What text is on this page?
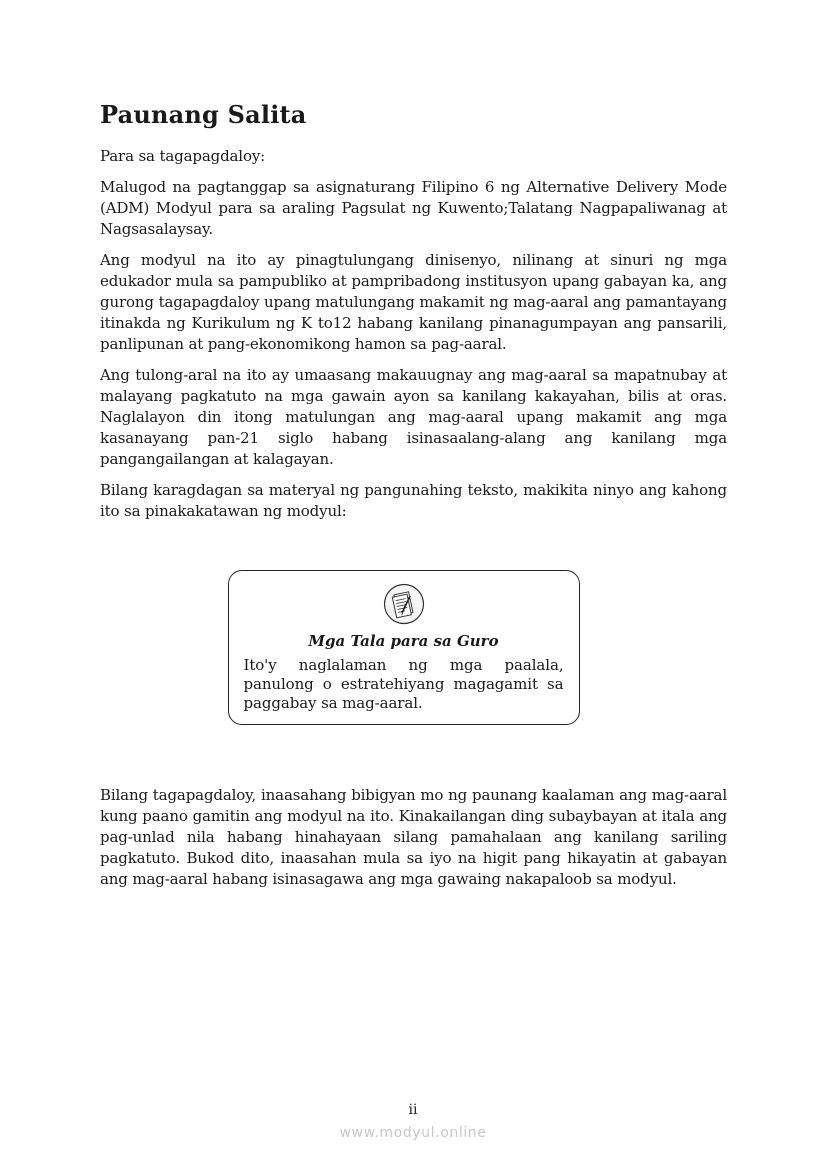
Paunang Salita

Para sa tagapagdaloy:

Malugod na pagtanggap sa asignaturang Filipino 6 ng Alternative Delivery Mode (ADM) Modyul para sa araling Pagsulat ng Kuwento;Talatang Nagpapaliwanag at Nagsasalaysay.

Ang modyul na ito ay pinagtulungang dinisenyo, nilinang at sinuri ng mga edukador mula sa pampubliko at pampribadong institusyon upang gabayan ka, ang gurong tagapagdaloy upang matulungang makamit ng mag-aaral ang pamantayang itinakda ng Kurikulum ng K to12 habang kanilang pinanagumpayan ang pansarili, panlipunan at pang-ekonomikong hamon sa pag-aaral.

Ang tulong-aral na ito ay umaasang makauugnay ang mag-aaral sa mapatnubay at malayang pagkatuto na mga gawain ayon sa kanilang kakayahan, bilis at oras. Naglalayon din itong matulungan ang mag-aaral upang makamit ang mga kasanayang pan-21 siglo habang isinasaalang-alang ang kanilang mga pangangailangan at kalagayan.

Bilang karagdagan sa materyal ng pangunahing teksto, makikita ninyo ang kahong ito sa pinakakatawan ng modyul:

Mga Tala para sa Guro

Ito'y naglalaman ng mga paalala, panulong o estratehiyang magagamit sa paggabay sa mag-aaral.

Bilang tagapagdaloy, inaasahang bibigyan mo ng paunang kaalaman ang mag-aaral kung paano gamitin ang modyul na ito. Kinakailangan ding subaybayan at itala ang pag-unlad nila habang hinahayaan silang pamahalaan ang kanilang sariling pagkatuto. Bukod dito, inaasahan mula sa iyo na higit pang hikayatin at gabayan ang mag-aaral habang isinasagawa ang mga gawaing nakapaloob sa modyul.

ii
www.modyul.online
